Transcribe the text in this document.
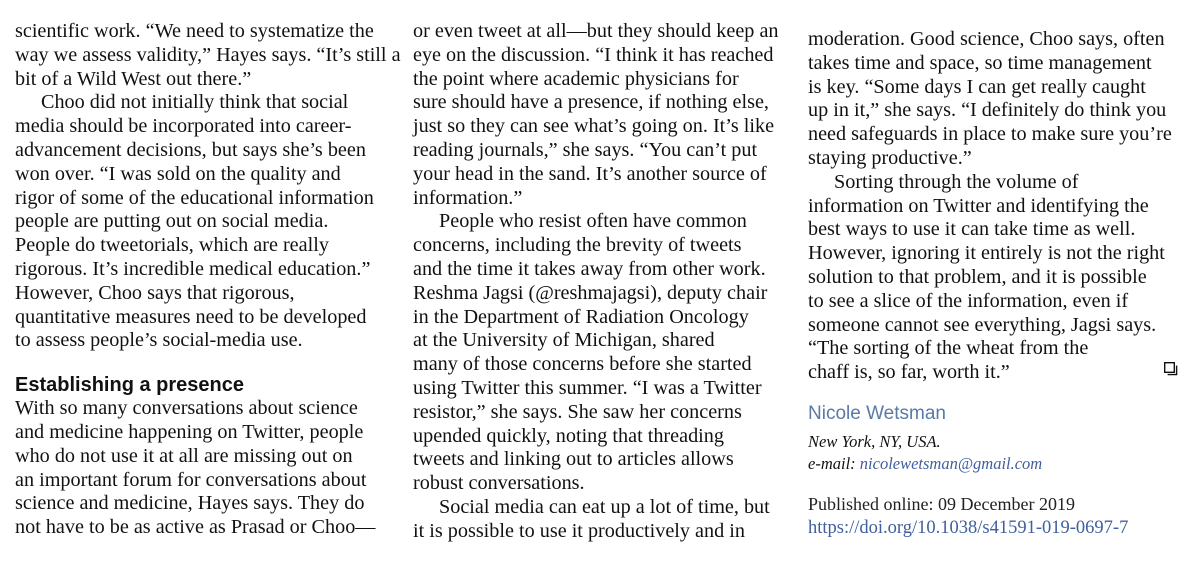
scientific work. “We need to systematize the

way we assess validity,” Hayes says. “It’s still a

bit of a Wild West out there.”

Choo did not initially think that social

media should be incorporated into career-

advancement decisions, but says she’s been

won over. “I was sold on the quality and

rigor of some of the educational information

people are putting out on social media.

People do tweetorials, which are really

rigorous. It’s incredible medical education.”

However, Choo says that rigorous,

quantitative measures need to be developed

to assess people’s social-media use.

Establishing a presence

With so many conversations about science

and medicine happening on Twitter, people

who do not use it at all are missing out on

an important forum for conversations about

science and medicine, Hayes says. They do

not have to be as active as Prasad or Choo—

or even tweet at all—but they should keep an

eye on the discussion. “I think it has reached

the point where academic physicians for

sure should have a presence, if nothing else,

just so they can see what’s going on. It’s like

reading journals,” she says. “You can’t put

your head in the sand. It’s another source of

information.”

People who resist often have common

concerns, including the brevity of tweets

and the time it takes away from other work.

Reshma Jagsi (@reshmajagsi), deputy chair

in the Department of Radiation Oncology

at the University of Michigan, shared

many of those concerns before she started

using Twitter this summer. “I was a Twitter

resistor,” she says. She saw her concerns

upended quickly, noting that threading

tweets and linking out to articles allows

robust conversations.

Social media can eat up a lot of time, but

it is possible to use it productively and in

moderation. Good science, Choo says, often

takes time and space, so time management

is key. “Some days I can get really caught

up in it,” she says. “I definitely do think you

need safeguards in place to make sure you’re

staying productive.”

Sorting through the volume of

information on Twitter and identifying the

best ways to use it can take time as well.

However, ignoring it entirely is not the right

solution to that problem, and it is possible

to see a slice of the information, even if

someone cannot see everything, Jagsi says.

“The sorting of the wheat from the

chaff is, so far, worth it.”

Nicole Wetsman
New York, NY, USA.
e-mail: nicolewetsman@gmail.com
Published online: 09 December 2019
https://doi.org/10.1038/s41591-019-0697-7
